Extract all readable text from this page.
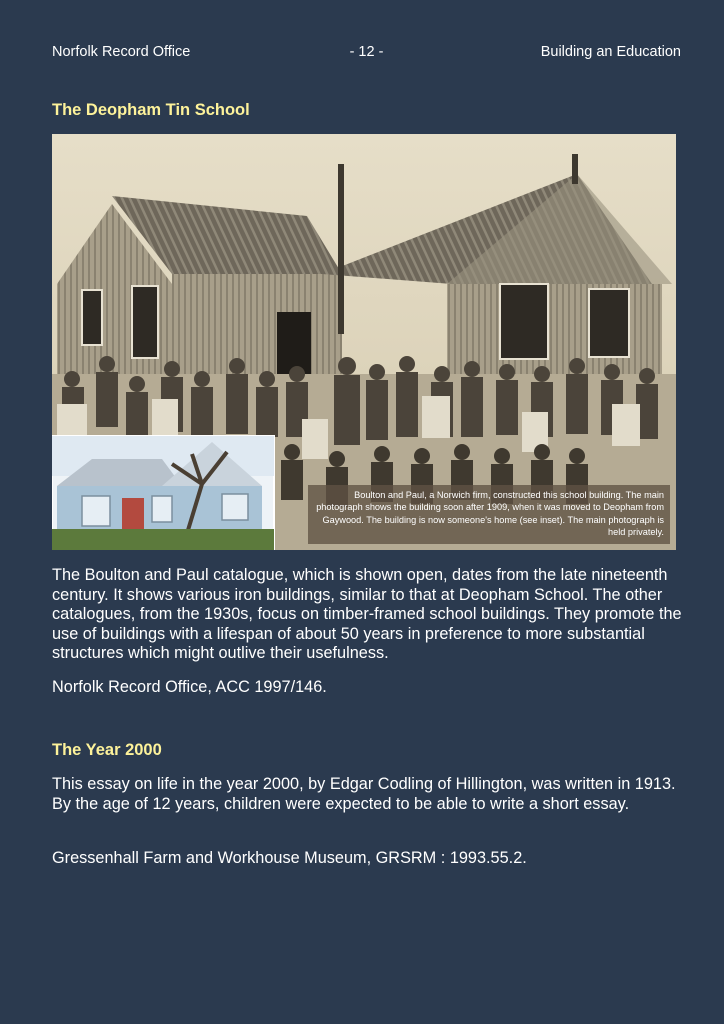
Norfolk Record Office	- 12 -	Building an Education
The Deopham Tin School
Boulton and Paul, a Norwich firm, constructed this school building. The main photograph shows the building soon after 1909, when it was moved to Deopham from Gaywood. The building is now someone's home (see inset). The main photograph is held privately.

The Boulton and Paul catalogue, which is shown open, dates from the late nineteenth century. It shows various iron buildings, similar to that at Deopham School. The other catalogues, from the 1930s, focus on timber-framed school buildings. They promote the use of buildings with a lifespan of about 50 years in preference to more substantial structures which might outlive their usefulness.

Norfolk Record Office, ACC 1997/146.

The Year 2000

This essay on life in the year 2000, by Edgar Codling of Hillington, was written in 1913. By the age of 12 years, children were expected to be able to write a short essay.

Gressenhall Farm and Workhouse Museum, GRSRM : 1993.55.2.
